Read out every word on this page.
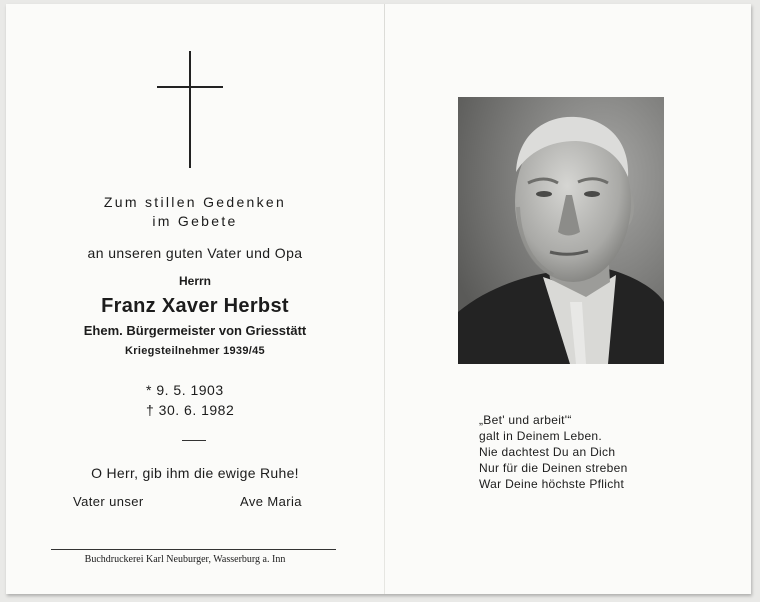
Zum stillen Gedenken
im Gebete
an unseren guten Vater und Opa
Herrn
Franz Xaver Herbst
Ehem. Bürgermeister von Griesstätt
Kriegsteilnehmer 1939/45
* 9. 5. 1903
† 30. 6. 1982
O Herr, gib ihm die ewige Ruhe!
Vater unser	Ave Maria
Buchdruckerei Karl Neuburger, Wasserburg a. Inn
„Bet' und arbeit'“
galt in Deinem Leben.
Nie dachtest Du an Dich
Nur für die Deinen streben
War Deine höchste Pflicht
